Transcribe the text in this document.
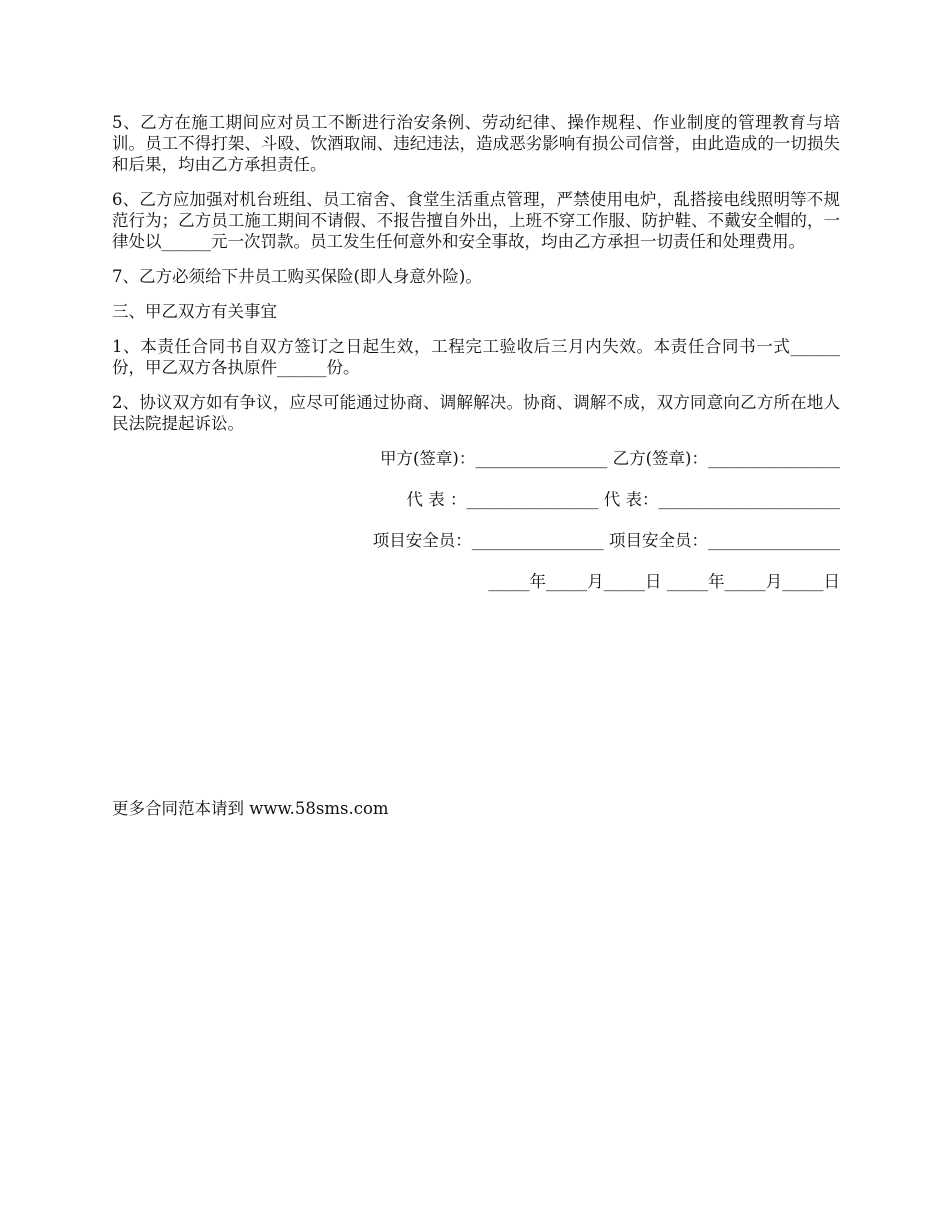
5、乙方在施工期间应对员工不断进行治安条例、劳动纪律、操作规程、作业制度的管理教育与培训。员工不得打架、斗殴、饮酒取闹、违纪违法，造成恶劣影响有损公司信誉，由此造成的一切损失和后果，均由乙方承担责任。

6、乙方应加强对机台班组、员工宿舍、食堂生活重点管理，严禁使用电炉，乱搭接电线照明等不规范行为；乙方员工施工期间不请假、不报告擅自外出，上班不穿工作服、防护鞋、不戴安全帽的，一律处以______元一次罚款。员工发生任何意外和安全事故，均由乙方承担一切责任和处理费用。

7、乙方必须给下井员工购买保险(即人身意外险)。

三、甲乙双方有关事宜

1、本责任合同书自双方签订之日起生效，工程完工验收后三月内失效。本责任合同书一式______份，甲乙双方各执原件______份。

2、协议双方如有争议，应尽可能通过协商、调解解决。协商、调解不成，双方同意向乙方所在地人民法院提起诉讼。

甲方(签章)：________________ 乙方(签章)：________________
代 表 ：________________ 代 表：______________________
项目安全员：________________ 项目安全员：________________
_____年_____月_____日 _____年_____月_____日
更多合同范本请到 www.58sms.com
